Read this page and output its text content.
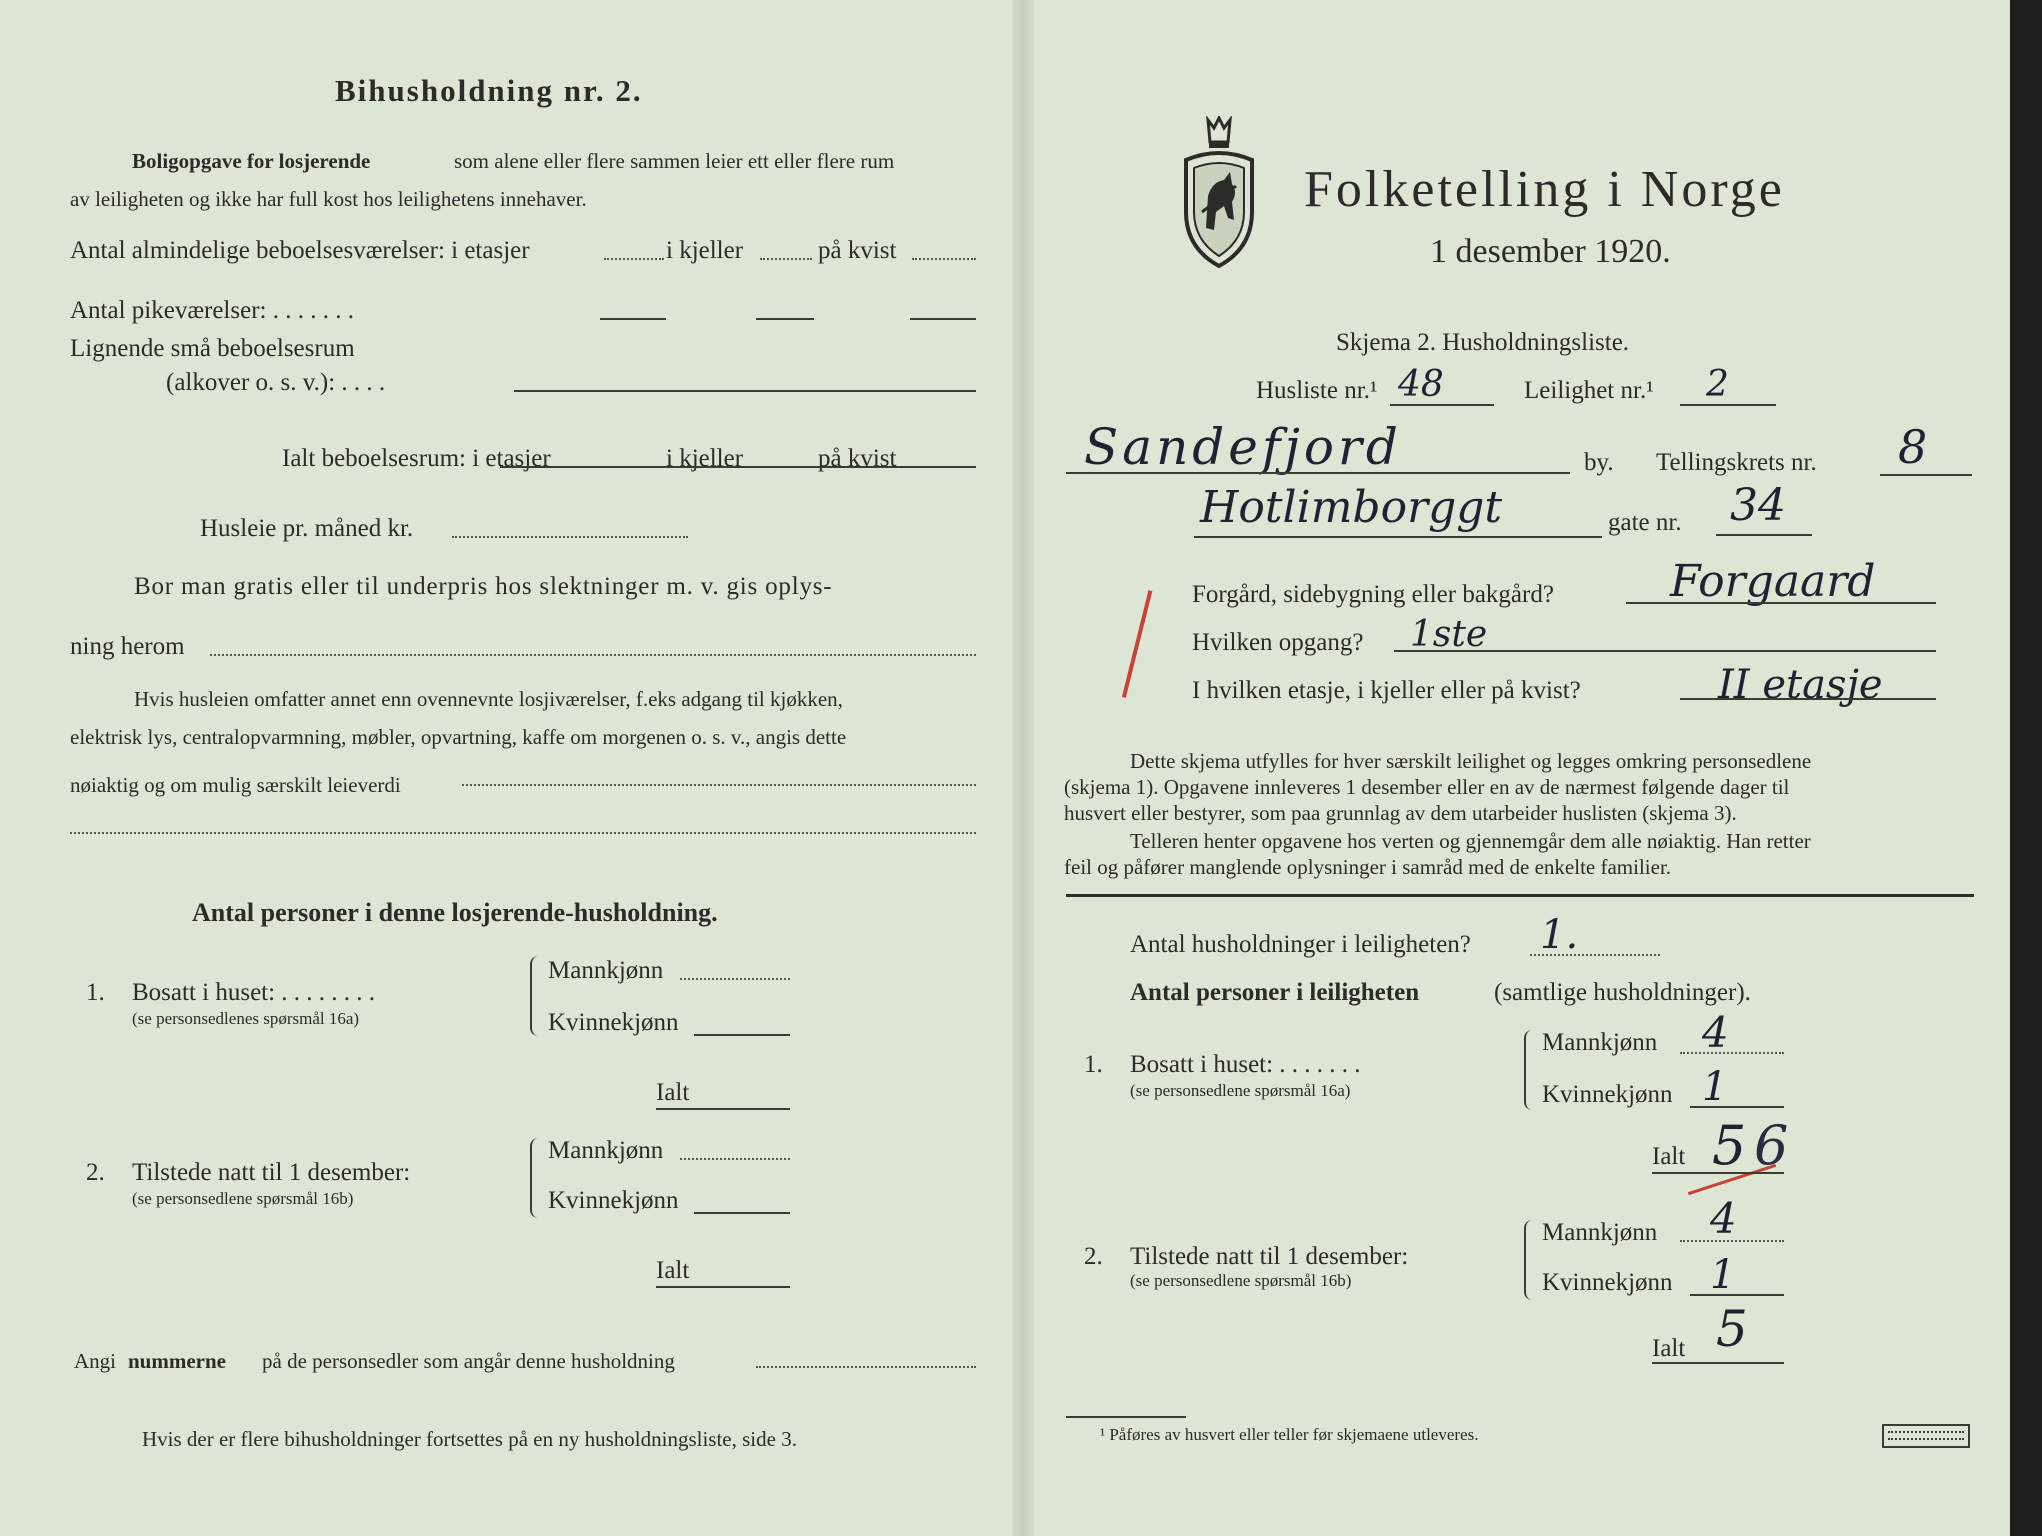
Bihusholdning nr. 2.
Boligopgave for losjerende	som alene eller flere sammen leier ett eller flere rum
av leiligheten og ikke har full kost hos leilighetens innehaver.
Antal almindelige beboelsesværelser: i etasjer	i kjeller	på kvist
Antal pikeværelser: . . . . . . .
Lignende små beboelsesrum
(alkover o. s. v.): . . . .
Ialt beboelsesrum: i etasjer	i kjeller	på kvist
Husleie pr. måned kr.
Bor man gratis eller til underpris hos slektninger m. v. gis oplys-
ning herom
Hvis husleien omfatter annet enn ovennevnte losjiværelser, f.eks adgang til kjøkken,
elektrisk lys, centralopvarmning, møbler, opvartning, kaffe om morgenen o. s. v., angis dette
nøiaktig og om mulig særskilt leieverdi
Antal personer i denne losjerende-husholdning.
1. Bosatt i huset: . . . . . . . .
(se personsedlenes spørsmål 16a)
Mannkjønn
Kvinnekjønn
Ialt
2. Tilstede natt til 1 desember:
(se personsedlene spørsmål 16b)
Mannkjønn
Kvinnekjønn
Ialt
Angi nummerne på de personsedler som angår denne husholdning
Hvis der er flere bihusholdninger fortsettes på en ny husholdningsliste, side 3.
Folketelling i Norge
1 desember 1920.
Skjema 2. Husholdningsliste.
Husliste nr.¹ 48	Leilighet nr.¹ 2
Sandefjord	by. Tellingskrets nr. 8
Hotlimborggt	gate nr. 34
Forgård, sidebygning eller bakgård?	Forgaard
Hvilken opgang? 1ste
I hvilken etasje, i kjeller eller på kvist?	II etasje
Dette skjema utfylles for hver særskilt leilighet og legges omkring personsedlene
(skjema 1). Opgavene innleveres 1 desember eller en av de nærmest følgende dager til
husvert eller bestyrer, som paa grunnlag av dem utarbeider huslisten (skjema 3).
Telleren henter opgavene hos verten og gjennemgår dem alle nøiaktig. Han retter
feil og påfører manglende oplysninger i samråd med de enkelte familier.
Antal husholdninger i leiligheten? 1.
Antal personer i leiligheten	(samtlige husholdninger).
1. Bosatt i huset: . . . . . . .
(se personsedlene spørsmål 16a)
Mannkjønn 4
Kvinnekjønn 1
Ialt 5 6
2. Tilstede natt til 1 desember:
(se personsedlene spørsmål 16b)
Mannkjønn 4
Kvinnekjønn 1
Ialt 5
¹ Påføres av husvert eller teller før skjemaene utleveres.
